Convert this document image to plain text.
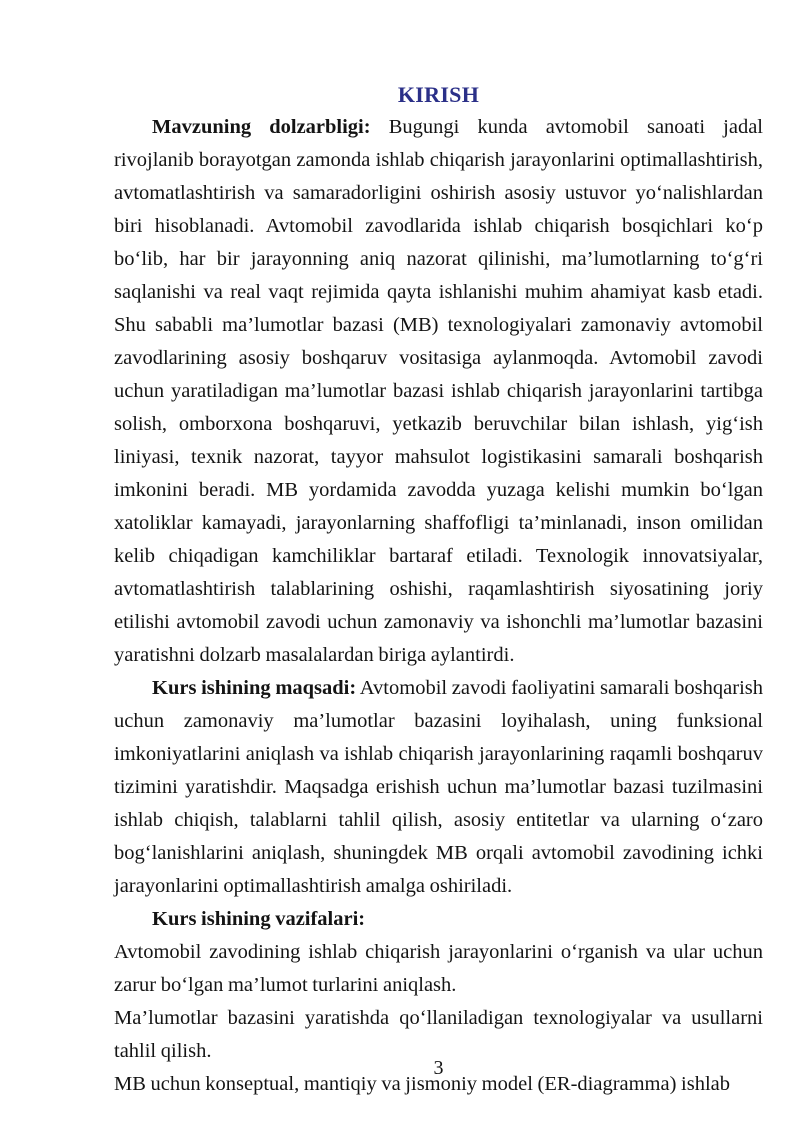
KIRISH

Mavzuning dolzarbligi: Bugungi kunda avtomobil sanoati jadal rivojlanib borayotgan zamonda ishlab chiqarish jarayonlarini optimallashtirish, avtomatlashtirish va samaradorligini oshirish asosiy ustuvor yo‘nalishlardan biri hisoblanadi. Avtomobil zavodlarida ishlab chiqarish bosqichlari ko‘p bo‘lib, har bir jarayonning aniq nazorat qilinishi, ma’lumotlarning to‘g‘ri saqlanishi va real vaqt rejimida qayta ishlanishi muhim ahamiyat kasb etadi. Shu sababli ma’lumotlar bazasi (MB) texnologiyalari zamonaviy avtomobil zavodlarining asosiy boshqaruv vositasiga aylanmoqda. Avtomobil zavodi uchun yaratiladigan ma’lumotlar bazasi ishlab chiqarish jarayonlarini tartibga solish, omborxona boshqaruvi, yetkazib beruvchilar bilan ishlash, yig‘ish liniyasi, texnik nazorat, tayyor mahsulot logistikasini samarali boshqarish imkonini beradi. MB yordamida zavodda yuzaga kelishi mumkin bo‘lgan xatoliklar kamayadi, jarayonlarning shaffofligi ta’minlanadi, inson omilidan kelib chiqadigan kamchiliklar bartaraf etiladi. Texnologik innovatsiyalar, avtomatlashtirish talablarining oshishi, raqamlashtirish siyosatining joriy etilishi avtomobil zavodi uchun zamonaviy va ishonchli ma’lumotlar bazasini yaratishni dolzarb masalalardan biriga aylantirdi.

Kurs ishining maqsadi: Avtomobil zavodi faoliyatini samarali boshqarish uchun zamonaviy ma’lumotlar bazasini loyihalash, uning funksional imkoniyatlarini aniqlash va ishlab chiqarish jarayonlarining raqamli boshqaruv tizimini yaratishdir. Maqsadga erishish uchun ma’lumotlar bazasi tuzilmasini ishlab chiqish, talablarni tahlil qilish, asosiy entitetlar va ularning o‘zaro bog‘lanishlarini aniqlash, shuningdek MB orqali avtomobil zavodining ichki jarayonlarini optimallashtirish amalga oshiriladi.

Kurs ishining vazifalari:

Avtomobil zavodining ishlab chiqarish jarayonlarini o‘rganish va ular uchun zarur bo‘lgan ma’lumot turlarini aniqlash.

Ma’lumotlar bazasini yaratishda qo‘llaniladigan texnologiyalar va usullarni tahlil qilish.

MB uchun konseptual, mantiqiy va jismoniy model (ER-diagramma) ishlab

3
